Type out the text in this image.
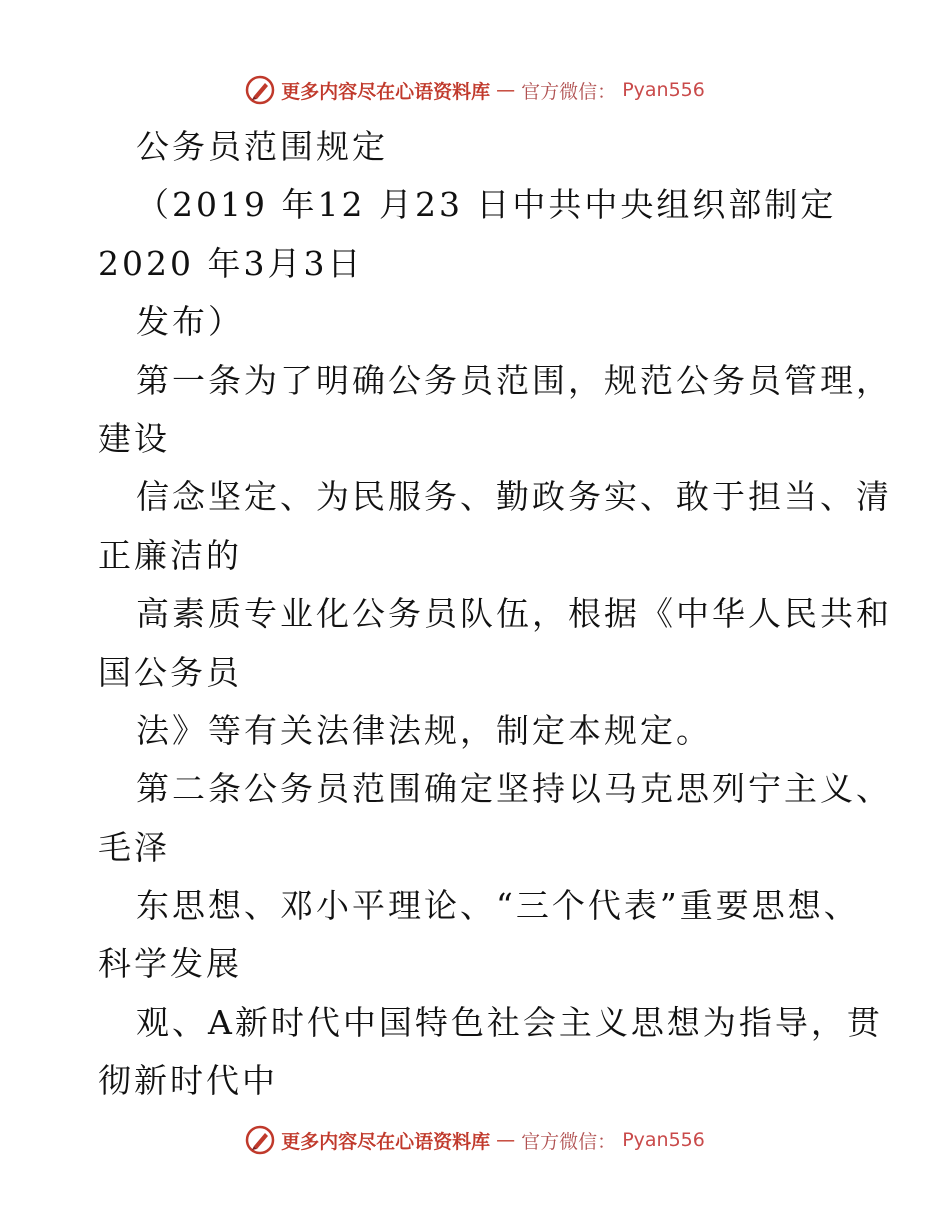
更多内容尽在心语资料库 — 官方微信： Pyan556
公务员范围规定
（2019 年12 月23 日中共中央组织部制定
2020 年3月3日
发布）
第一条为了明确公务员范围，规范公务员管理，
建设
信念坚定、为民服务、勤政务实、敢于担当、清
正廉洁的
高素质专业化公务员队伍，根据《中华人民共和
国公务员
法》等有关法律法规，制定本规定。
第二条公务员范围确定坚持以马克思列宁主义、
毛泽
东思想、邓小平理论、“三个代表”重要思想、
科学发展
观、A新时代中国特色社会主义思想为指导，贯
彻新时代中
更多内容尽在心语资料库 — 官方微信： Pyan556
